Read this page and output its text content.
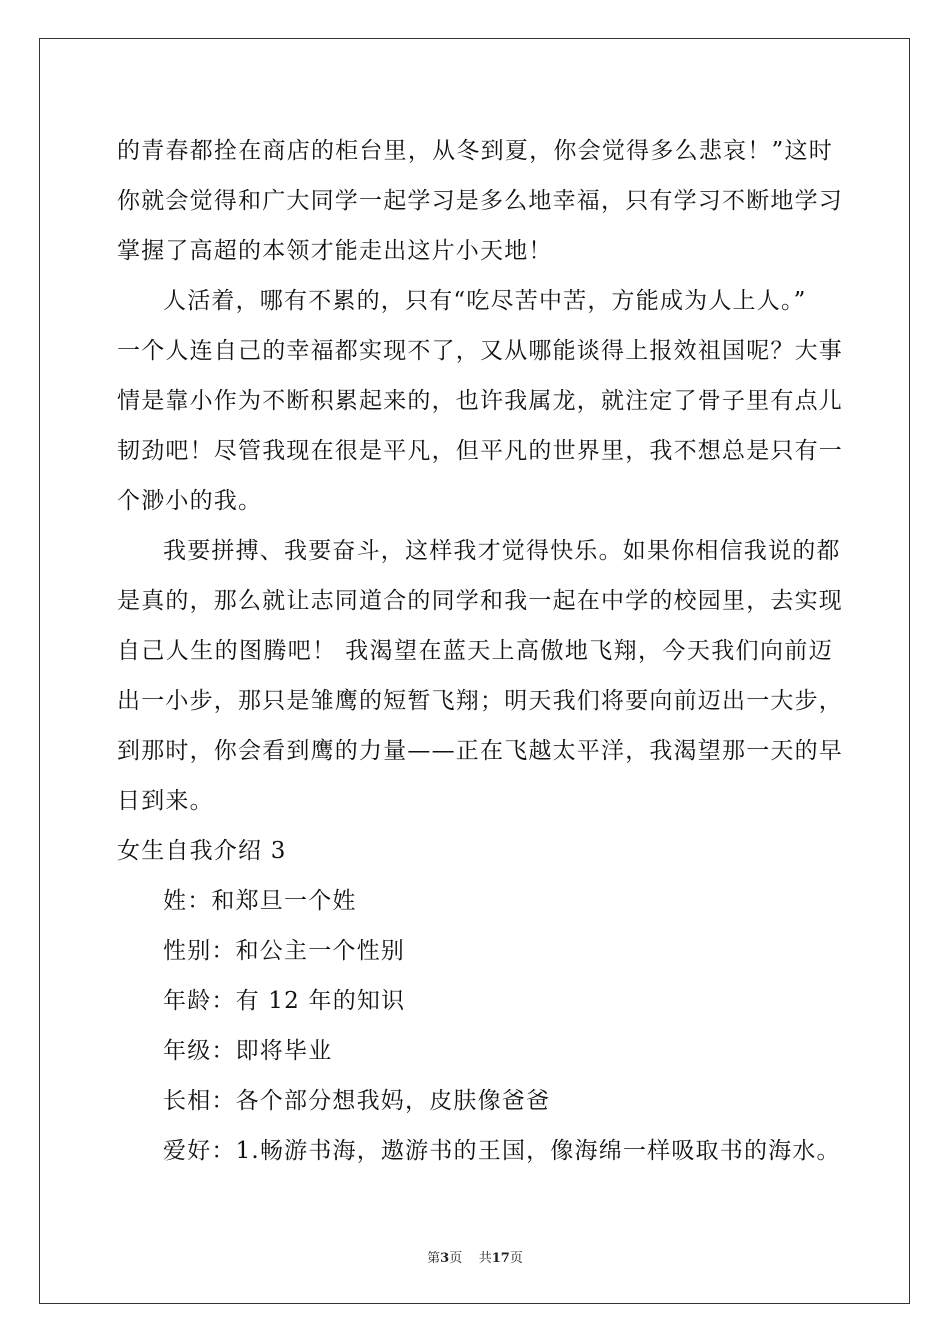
的青春都拴在商店的柜台里，从冬到夏，你会觉得多么悲哀！”这时
你就会觉得和广大同学一起学习是多么地幸福，只有学习不断地学习
掌握了高超的本领才能走出这片小天地！
人活着，哪有不累的，只有“吃尽苦中苦，方能成为人上人。”
一个人连自己的幸福都实现不了，又从哪能谈得上报效祖国呢？大事
情是靠小作为不断积累起来的，也许我属龙，就注定了骨子里有点儿
韧劲吧！尽管我现在很是平凡，但平凡的世界里，我不想总是只有一
个渺小的我。
我要拼搏、我要奋斗，这样我才觉得快乐。如果你相信我说的都
是真的，那么就让志同道合的同学和我一起在中学的校园里，去实现
自己人生的图腾吧！ 我渴望在蓝天上高傲地飞翔，今天我们向前迈
出一小步，那只是雏鹰的短暂飞翔；明天我们将要向前迈出一大步，
到那时，你会看到鹰的力量——正在飞越太平洋，我渴望那一天的早
日到来。
女生自我介绍 3
姓：和郑旦一个姓
性别：和公主一个性别
年龄：有 12 年的知识
年级：即将毕业
长相：各个部分想我妈，皮肤像爸爸
爱好：1.畅游书海，遨游书的王国，像海绵一样吸取书的海水。
第3页 共17页
